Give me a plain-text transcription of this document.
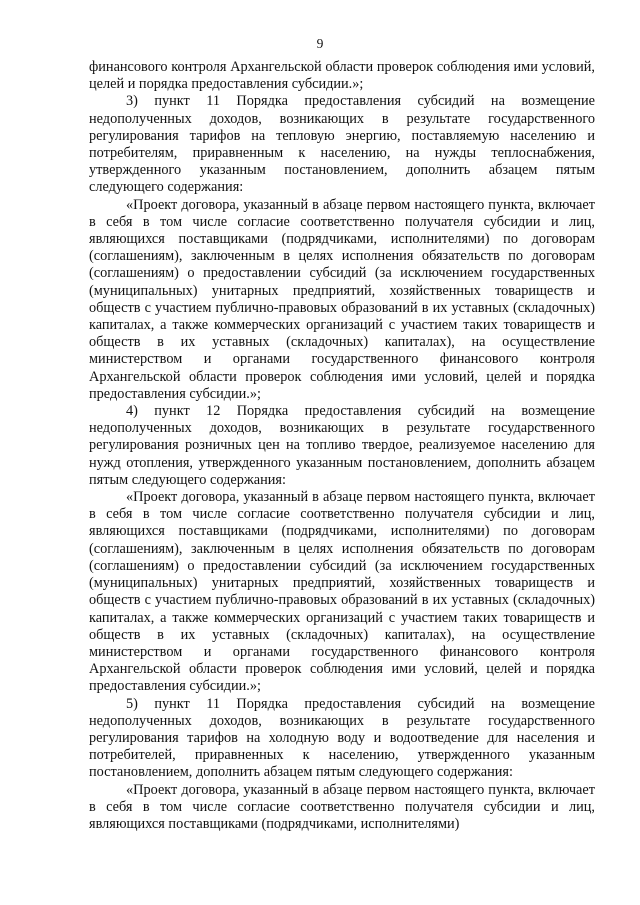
9

финансового контроля Архангельской области проверок соблюдения ими условий, целей и порядка предоставления субсидии.»;

3) пункт 11 Порядка предоставления субсидий на возмещение недополученных доходов, возникающих в результате государственного регулирования тарифов на тепловую энергию, поставляемую населению и потребителям, приравненным к населению, на нужды теплоснабжения, утвержденного указанным постановлением, дополнить абзацем пятым следующего содержания:

«Проект договора, указанный в абзаце первом настоящего пункта, включает в себя в том числе согласие соответственно получателя субсидии и лиц, являющихся поставщиками (подрядчиками, исполнителями) по договорам (соглашениям), заключенным в целях исполнения обязательств по договорам (соглашениям) о предоставлении субсидий (за исключением государственных (муниципальных) унитарных предприятий, хозяйственных товариществ и обществ с участием публично-правовых образований в их уставных (складочных) капиталах, а также коммерческих организаций с участием таких товариществ и обществ в их уставных (складочных) капиталах), на осуществление министерством и органами государственного финансового контроля Архангельской области проверок соблюдения ими условий, целей и порядка предоставления субсидии.»;

4) пункт 12 Порядка предоставления субсидий на возмещение недополученных доходов, возникающих в результате государственного регулирования розничных цен на топливо твердое, реализуемое населению для нужд отопления, утвержденного указанным постановлением, дополнить абзацем пятым следующего содержания:

«Проект договора, указанный в абзаце первом настоящего пункта, включает в себя в том числе согласие соответственно получателя субсидии и лиц, являющихся поставщиками (подрядчиками, исполнителями) по договорам (соглашениям), заключенным в целях исполнения обязательств по договорам (соглашениям) о предоставлении субсидий (за исключением государственных (муниципальных) унитарных предприятий, хозяйственных товариществ и обществ с участием публично-правовых образований в их уставных (складочных) капиталах, а также коммерческих организаций с участием таких товариществ и обществ в их уставных (складочных) капиталах), на осуществление министерством и органами государственного финансового контроля Архангельской области проверок соблюдения ими условий, целей и порядка предоставления субсидии.»;

5) пункт 11 Порядка предоставления субсидий на возмещение недополученных доходов, возникающих в результате государственного регулирования тарифов на холодную воду и водоотведение для населения и потребителей, приравненных к населению, утвержденного указанным постановлением, дополнить абзацем пятым следующего содержания:

«Проект договора, указанный в абзаце первом настоящего пункта, включает в себя в том числе согласие соответственно получателя субсидии и лиц, являющихся поставщиками (подрядчиками, исполнителями)
